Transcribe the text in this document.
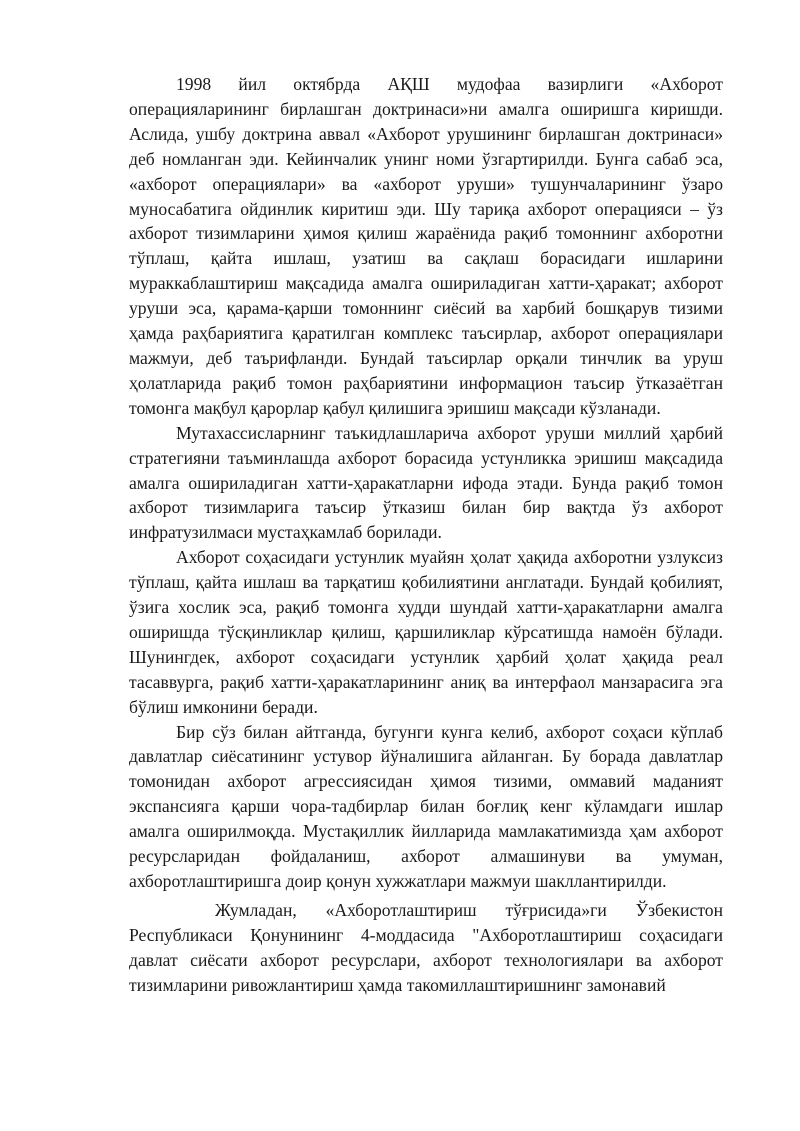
1998 йил октябрда АҚШ мудофаа вазирлиги «Ахборот операцияларининг бирлашган доктринаси»ни амалга оширишга киришди. Аслида, ушбу доктрина аввал «Ахборот урушининг бирлашган доктринаси» деб номланган эди. Кейинчалик унинг номи ўзгартирилди. Бунга сабаб эса, «ахборот операциялари» ва «ахборот уруши» тушунчаларининг ўзаро муносабатига ойдинлик киритиш эди. Шу тариқа ахборот операцияси – ўз ахборот тизимларини ҳимоя қилиш жараёнида рақиб томоннинг ахборотни тўплаш, қайта ишлаш, узатиш ва сақлаш борасидаги ишларини мураккаблаштириш мақсадида амалга ошириладиган хатти-ҳаракат; ахборот уруши эса, қарама-қарши томоннинг сиёсий ва харбий бошқарув тизими ҳамда раҳбариятига қаратилган комплекс таъсирлар, ахборот операциялари мажмуи, деб таърифланди. Бундай таъсирлар орқали тинчлик ва уруш ҳолатларида рақиб томон раҳбариятини информацион таъсир ўтказаётган томонга мақбул қарорлар қабул қилишига эришиш мақсади кўзланади.

Мутахассисларнинг таъкидлашларича ахборот уруши миллий ҳарбий стратегияни таъминлашда ахборот борасида устунликка эришиш мақсадида амалга ошириладиган хатти-ҳаракатларни ифода этади. Бунда рақиб томон ахборот тизимларига таъсир ўтказиш билан бир вақтда ўз ахборот инфратузилмаси мустаҳкамлаб борилади.

Ахборот соҳасидаги устунлик муайян ҳолат ҳақида ахборотни узлуксиз тўплаш, қайта ишлаш ва тарқатиш қобилиятини англатади. Бундай қобилият, ўзига хослик эса, рақиб томонга худди шундай хатти-ҳаракатларни амалга оширишда тўсқинликлар қилиш, қаршиликлар кўрсатишда намоён бўлади. Шунингдек, ахборот соҳасидаги устунлик ҳарбий ҳолат ҳақида реал тасаввурга, рақиб хатти-ҳаракатларининг аниқ ва интерфаол манзарасига эга бўлиш имконини беради.

Бир сўз билан айтганда, бугунги кунга келиб, ахборот соҳаси кўплаб давлатлар сиёсатининг устувор йўналишига айланган. Бу борада давлатлар томонидан ахборот агрессиясидан ҳимоя тизими, оммавий маданият экспансияга қарши чора-тадбирлар билан боғлиқ кенг кўламдаги ишлар амалга оширилмоқда. Мустақиллик йилларида мамлакатимизда ҳам ахборот ресурсларидан фойдаланиш, ахборот алмашинуви ва умуман, ахборотлаштиришга доир қонун хужжатлари мажмуи шакллантирилди.

Жумладан, «Ахборотлаштириш тўғрисида»ги Ўзбекистон Республикаси Қонунининг 4-моддасида "Ахборотлаштириш соҳасидаги давлат сиёсати ахборот ресурслари, ахборот технологиялари ва ахборот тизимларини ривожлантириш ҳамда такомиллаштиришнинг замонавий
